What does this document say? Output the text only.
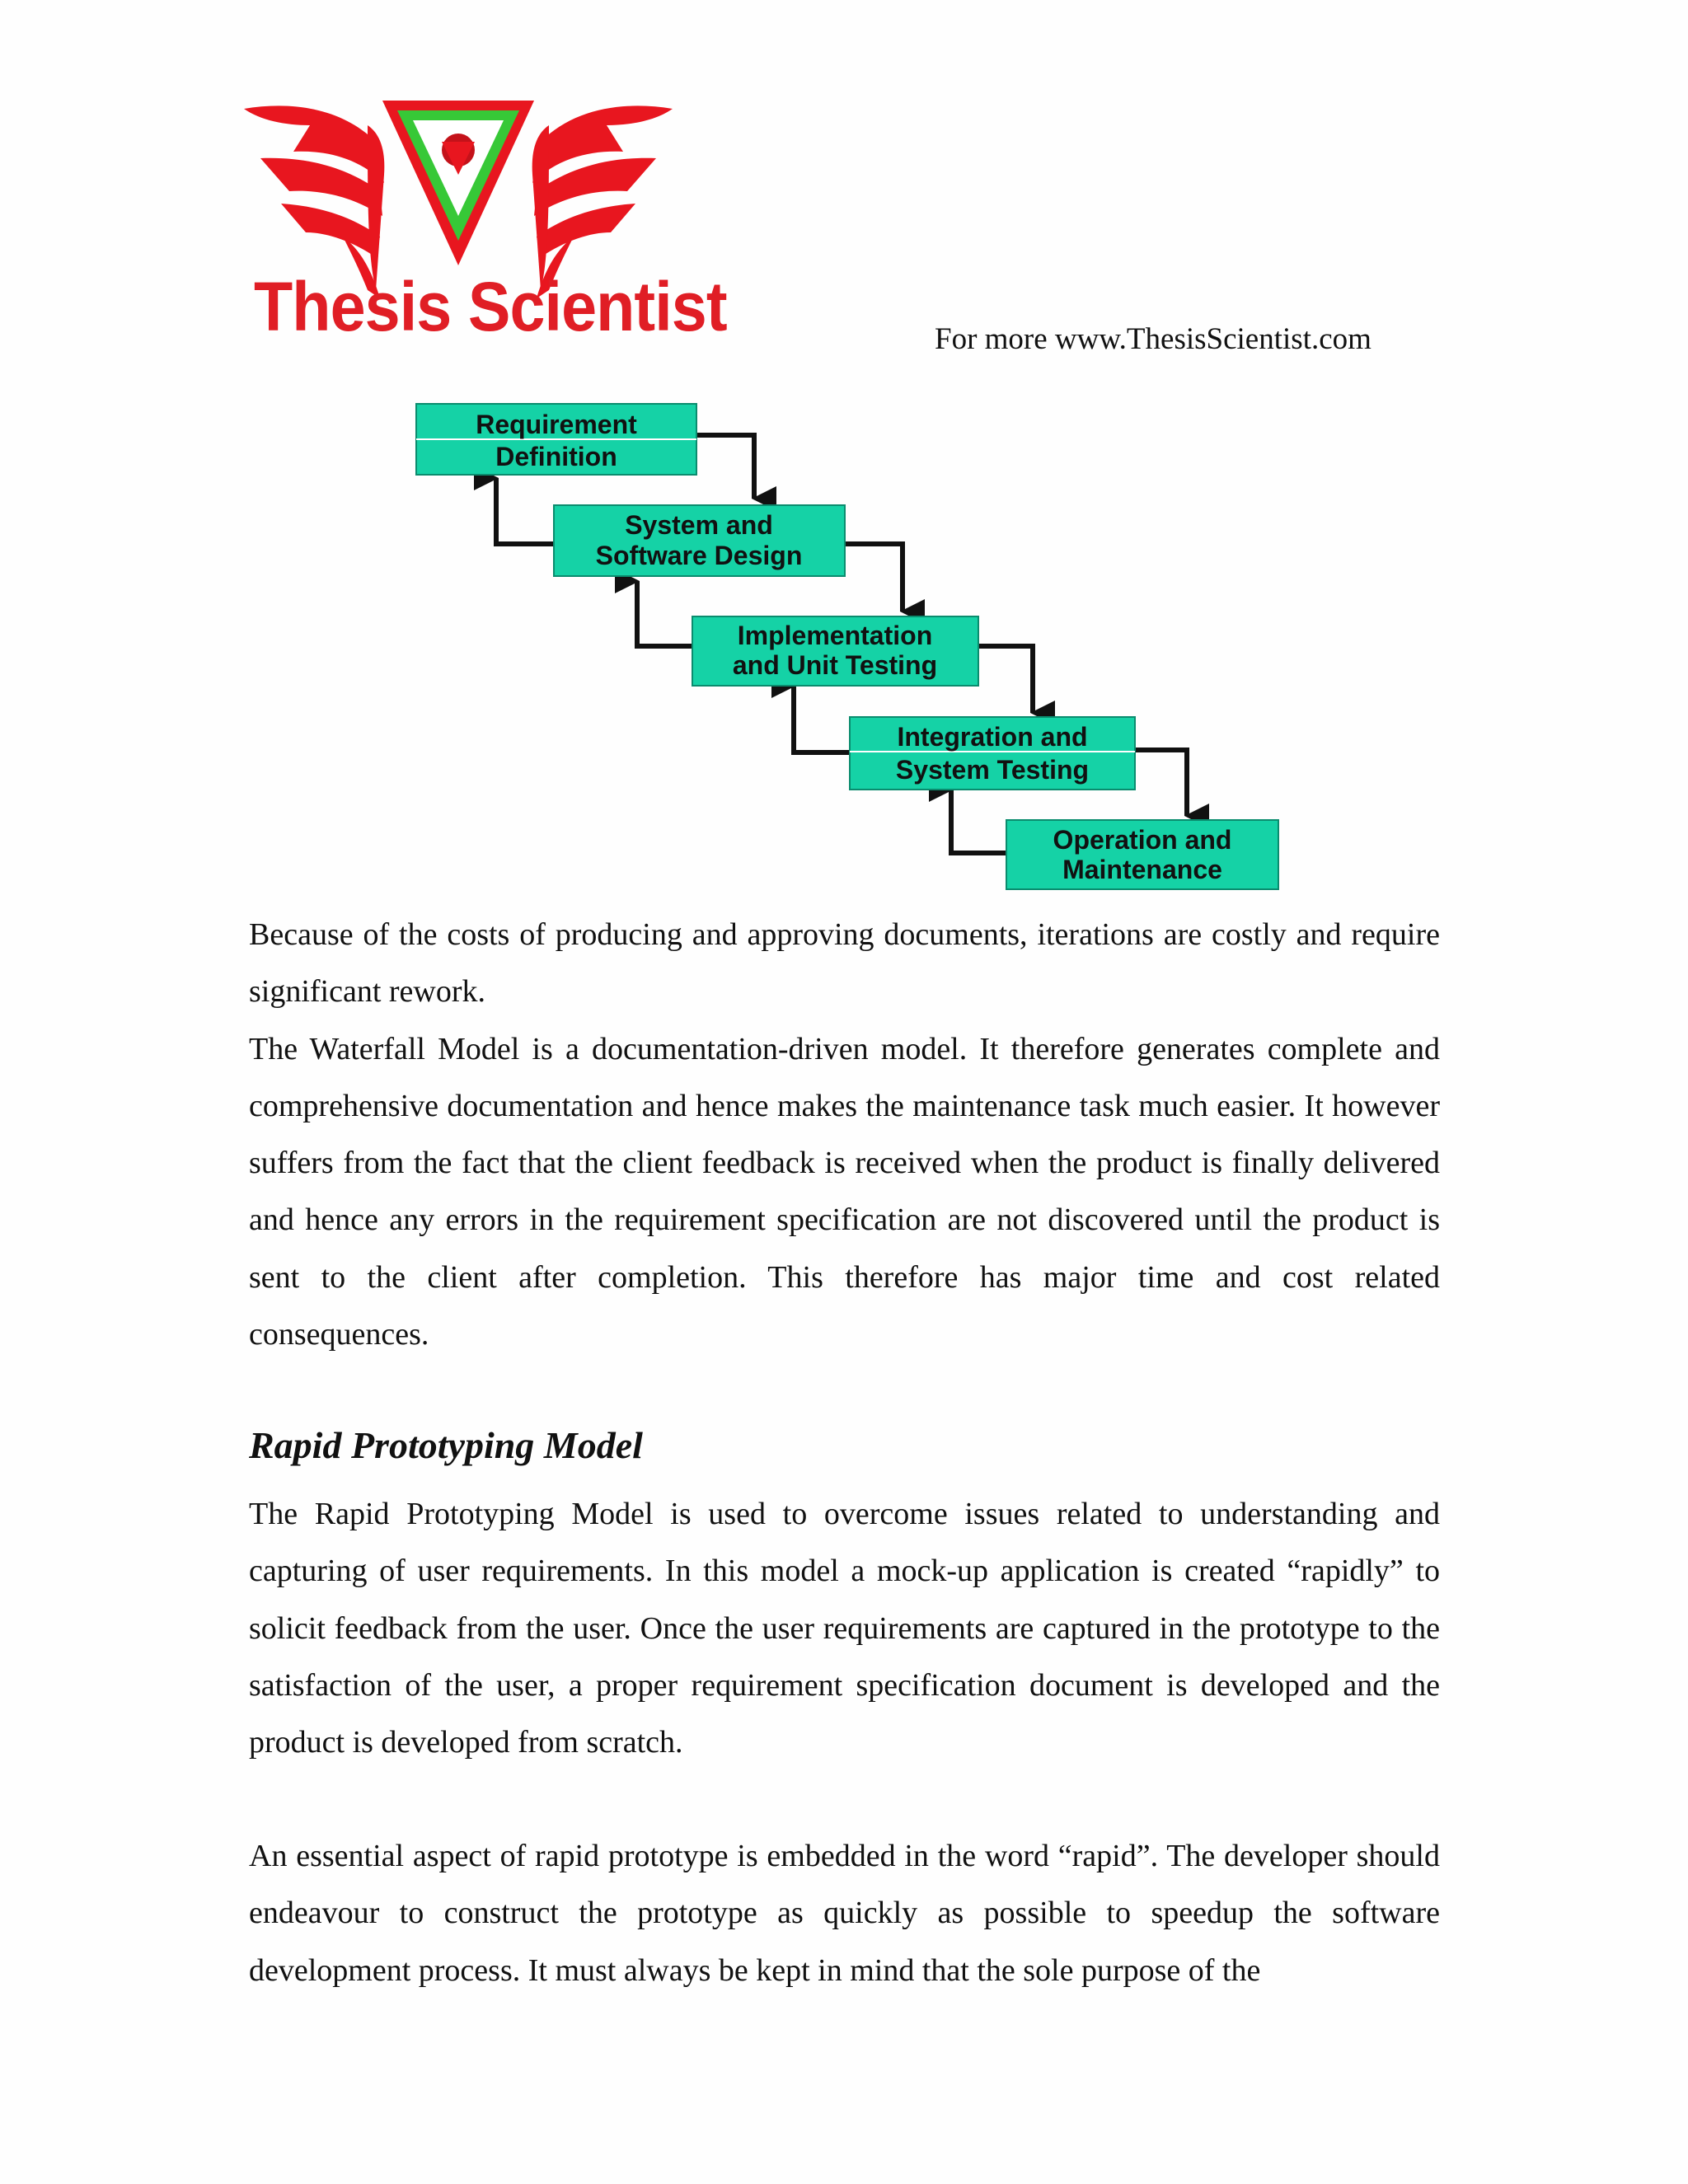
Thesis Scientist	For more www.ThesisScientist.com
Requirement
Definition
System and
Software Design
Implementation
and Unit Testing
Integration and
System Testing
Operation and
Maintenance

Because of the costs of producing and approving documents, iterations are costly and require significant rework.

The Waterfall Model is a documentation-driven model. It therefore generates complete and comprehensive documentation and hence makes the maintenance task much easier. It however suffers from the fact that the client feedback is received when the product is finally delivered and hence any errors in the requirement specification are not discovered until the product is sent to the client after completion. This therefore has major time and cost related consequences.

Rapid Prototyping Model

The Rapid Prototyping Model is used to overcome issues related to understanding and capturing of user requirements. In this model a mock-up application is created “rapidly” to solicit feedback from the user. Once the user requirements are captured in the prototype to the satisfaction of the user, a proper requirement specification document is developed and the product is developed from scratch.

An essential aspect of rapid prototype is embedded in the word “rapid”. The developer should endeavour to construct the prototype as quickly as possible to speedup the software development process. It must always be kept in mind that the sole purpose of the
